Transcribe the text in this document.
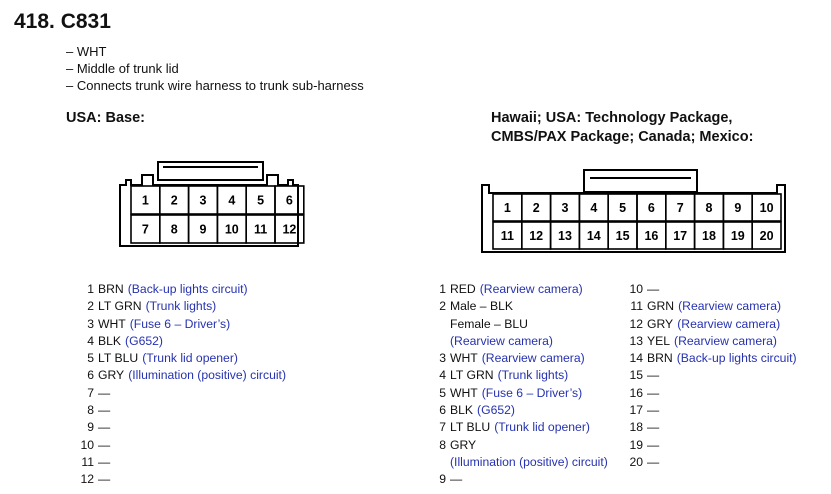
418. C831
– WHT
– Middle of trunk lid
– Connects trunk wire harness to trunk sub-harness
USA: Base:	Hawaii; USA: Technology Package,
CMBS/PAX Package; Canada; Mexico:
1 2 3 4 5 6
7 8 9 10 11 12
1 2 3 4 5 6 7 8 9 10
11 12 13 14 15 16 17 18 19 20
1 BRN (Back-up lights circuit)
2 LT GRN (Trunk lights)
3 WHT (Fuse 6 – Driver’s)
4 BLK (G652)
5 LT BLU (Trunk lid opener)
6 GRY (Illumination (positive) circuit)
7 —
8 —
9 —
10 —
11 —
12 —
1 RED (Rearview camera)
2 Male – BLK
Female – BLU
(Rearview camera)
3 WHT (Rearview camera)
4 LT GRN (Trunk lights)
5 WHT (Fuse 6 – Driver’s)
6 BLK (G652)
7 LT BLU (Trunk lid opener)
8 GRY
(Illumination (positive) circuit)
9 —
10 —
11 GRN (Rearview camera)
12 GRY (Rearview camera)
13 YEL (Rearview camera)
14 BRN (Back-up lights circuit)
15 —
16 —
17 —
18 —
19 —
20 —
